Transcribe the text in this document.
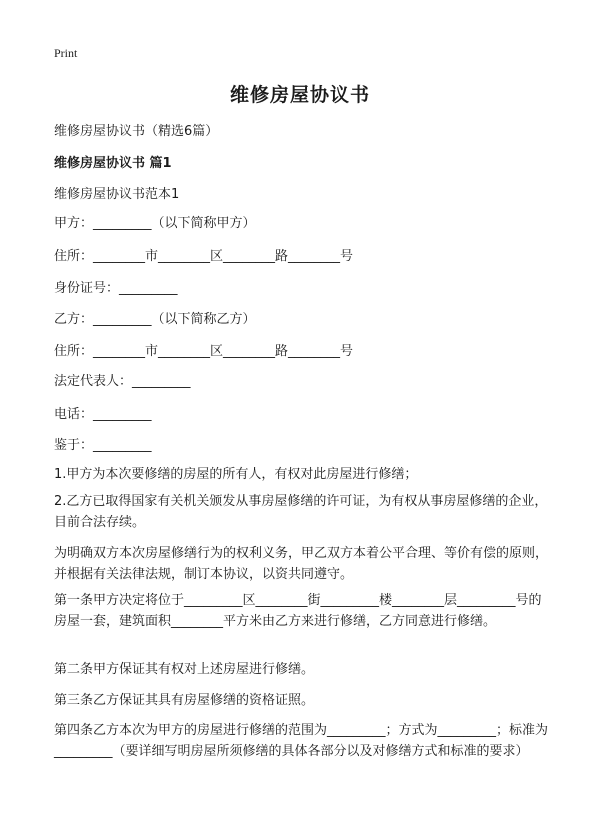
Print
维修房屋协议书
维修房屋协议书（精选6篇）
维修房屋协议书 篇1
维修房屋协议书范本1
甲方：_________（以下简称甲方）
住所：________市________区________路________号
身份证号：_________
乙方：_________（以下简称乙方）
住所：________市________区________路________号
法定代表人：_________
电话：_________
鉴于：_________
1.甲方为本次要修缮的房屋的所有人，有权对此房屋进行修缮；
2.乙方已取得国家有关机关颁发从事房屋修缮的许可证，为有权从事房屋修缮的企业，目前合法存续。
为明确双方本次房屋修缮行为的权利义务，甲乙双方本着公平合理、等价有偿的原则，并根据有关法律法规，制订本协议，以资共同遵守。
第一条甲方决定将位于_________区________街_________楼________层_________号的房屋一套，建筑面积________平方米由乙方来进行修缮，乙方同意进行修缮。
第二条甲方保证其有权对上述房屋进行修缮。
第三条乙方保证其具有房屋修缮的资格证照。
第四条乙方本次为甲方的房屋进行修缮的范围为_________；方式为_________；标准为_________（要详细写明房屋所须修缮的具体各部分以及对修缮方式和标准的要求）
